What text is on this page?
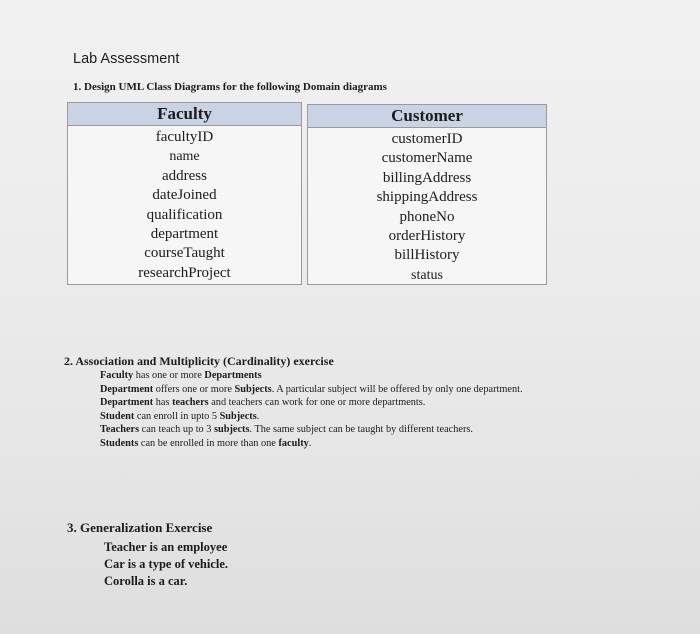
Lab Assessment
1. Design UML Class Diagrams for the following Domain diagrams
Faculty
facultyID
name
address
dateJoined
qualification
department
courseTaught
researchProject
Customer
customerID
customerName
billingAddress
shippingAddress
phoneNo
orderHistory
billHistory
status
2. Association and Multiplicity (Cardinality) exercise

Faculty has one or more Departments

Department offers one or more Subjects. A particular subject will be offered by only one department.

Department has teachers and teachers can work for one or more departments.

Student can enroll in upto 5 Subjects.

Teachers can teach up to 3 subjects. The same subject can be taught by different teachers.

Students can be enrolled in more than one faculty.

3. Generalization Exercise

Teacher is an employee

Car is a type of vehicle.

Corolla is a car.
